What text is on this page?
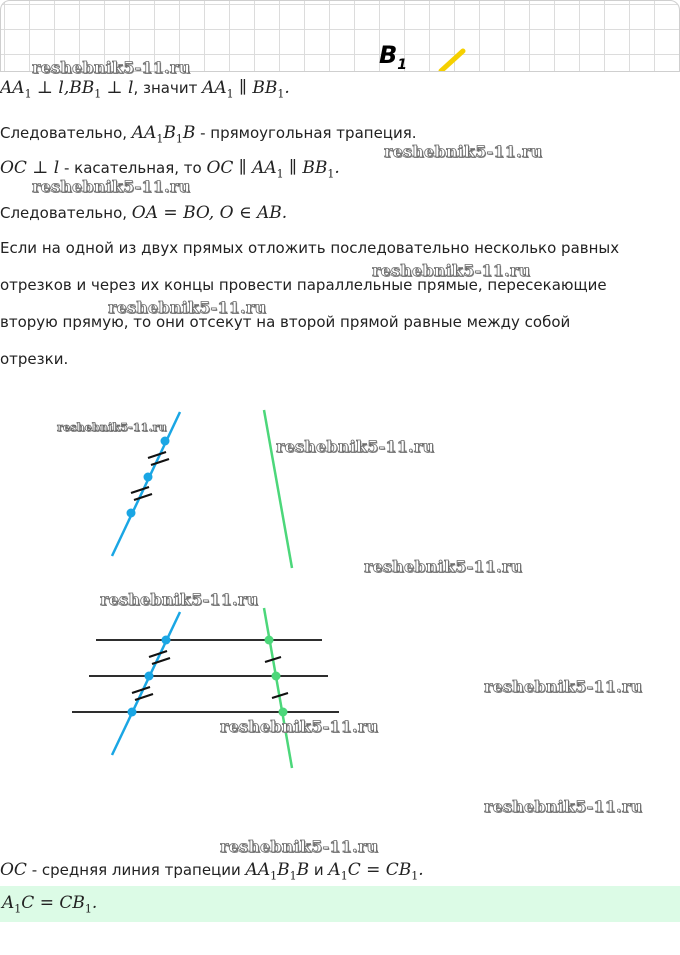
$B_1$
$AA_1$ ⊥ $l,BB_1$ ⊥ l, значит $AA_1$ ∥ $BB_1$.
Следовательно, $AA_1B_1B$ - прямоугольная трапеция.
OC ⊥ l - касательная, то OC ∥ $AA_1$ ∥ $BB_1$.
Следовательно, OA = BO, O ∈ AB.
Если на одной из двух прямых отложить последовательно несколько равных
отрезков и через их концы провести параллельные прямые, пересекающие
вторую прямую, то они отсекут на второй прямой равные между собой
отрезки.
reshebnik5-11.ru
reshebnik5-11.ru
reshebnik5-11.ru
reshebnik5-11.ru
reshebnik5-11.ru
reshebnik5-11.ru
reshebnik5-11.ru
reshebnik5-11.ru
reshebnik5-11.ru
reshebnik5-11.ru
reshebnik5-11.ru
reshebnik5-11.ru
reshebnik5-11.ru
OC - средняя линия трапеции $AA_1B_1B$ и $A_1C = CB_1$.
$A_1C = CB_1$.
